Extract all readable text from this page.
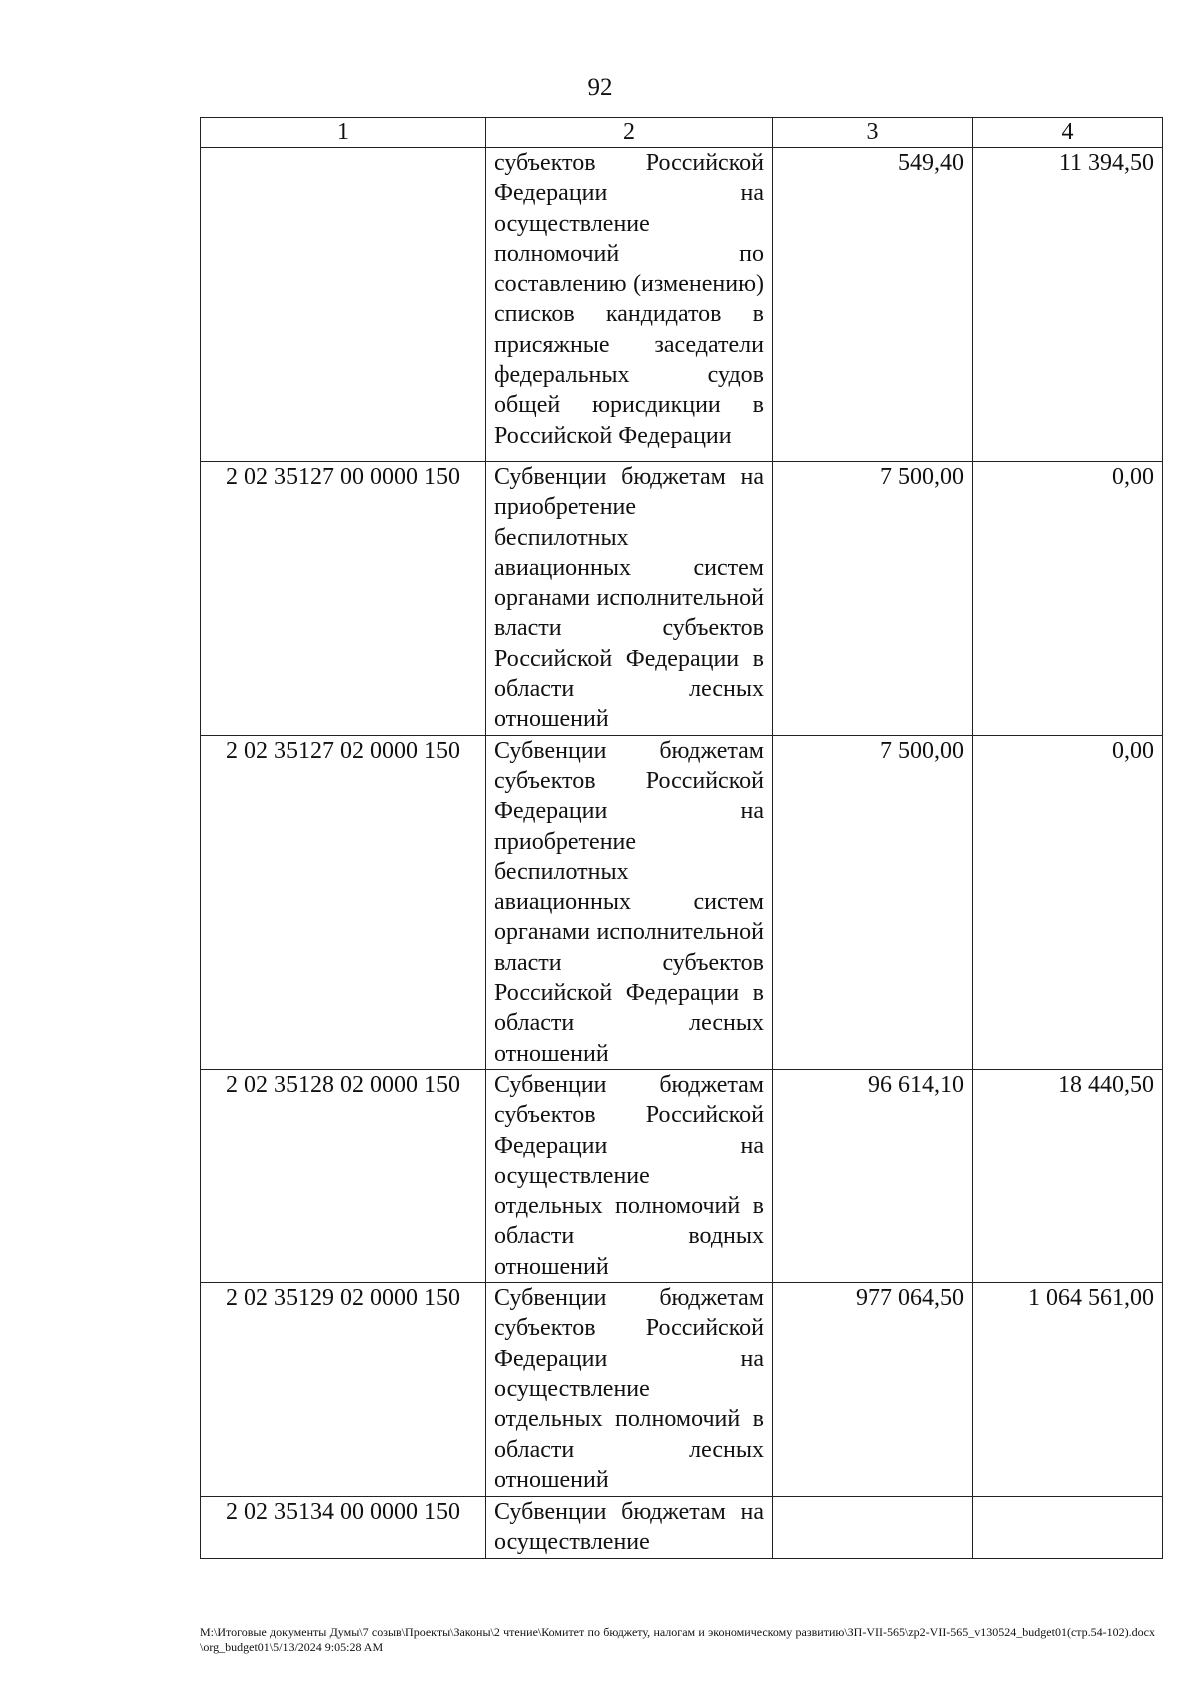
92
1	2	3	4
	субъектов Российской Федерации на осуществление полномочий по составлению (изменению) списков кандидатов в присяжные заседатели федеральных судов общей юрисдикции в Российской Федерации	549,40	11 394,50
2 02 35127 00 0000 150	Субвенции бюджетам на приобретение беспилотных авиационных систем органами исполнительной власти субъектов Российской Федерации в области лесных отношений	7 500,00	0,00
2 02 35127 02 0000 150	Субвенции бюджетам субъектов Российской Федерации на приобретение беспилотных авиационных систем органами исполнительной власти субъектов Российской Федерации в области лесных отношений	7 500,00	0,00
2 02 35128 02 0000 150	Субвенции бюджетам субъектов Российской Федерации на осуществление отдельных полномочий в области водных отношений	96 614,10	18 440,50
2 02 35129 02 0000 150	Субвенции бюджетам субъектов Российской Федерации на осуществление отдельных полномочий в области лесных отношений	977 064,50	1 064 561,00
2 02 35134 00 0000 150	Субвенции бюджетам на осуществление		
M:\Итоговые документы Думы\7 созыв\Проекты\Законы\2 чтение\Комитет по бюджету, налогам и экономическому развитию\ЗП-VII-565\zp2-VII-565_v130524_budget01(стр.54-102).docx\org_budget01\5/13/2024 9:05:28 AM
